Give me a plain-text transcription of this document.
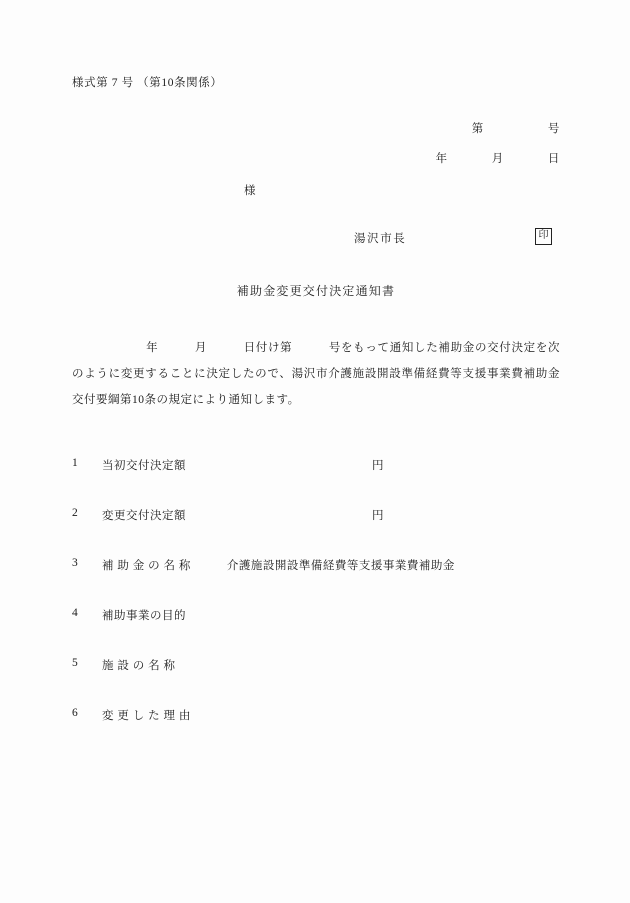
様式第 7 号 （第10条関係）
第	号
年	月	日
様
湯沢市長	印
補助金変更交付決定通知書
年　　　月　　　日付け第　　　号をもって通知した補助金の交付決定を次のように変更することに決定したので、湯沢市介護施設開設準備経費等支援事業費補助金交付要綱第10条の規定により通知します。
1	当初交付決定額	円
2	変更交付決定額	円
3	補 助 金 の 名 称	介護施設開設準備経費等支援事業費補助金
4	補助事業の目的
5	施 設 の 名 称
6	変 更 し た 理 由
